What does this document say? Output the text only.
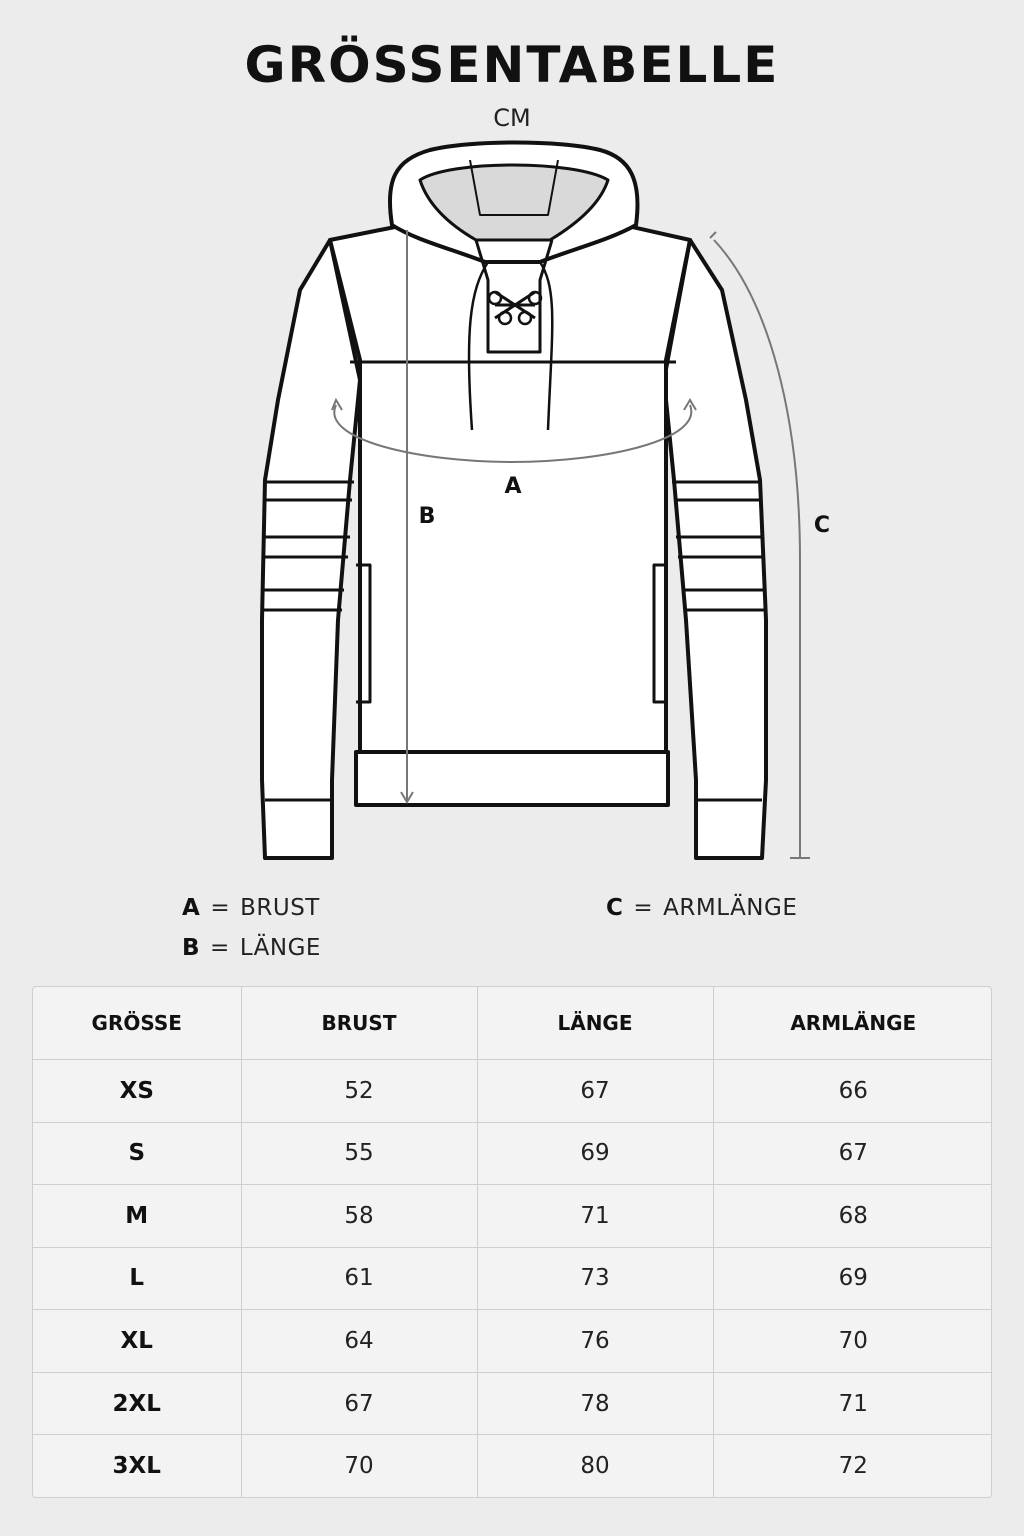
GRÖSSENTABELLE
CM
A
B	C
A = BRUST
B = LÄNGE
C = ARMLÄNGE
GRÖSSE	BRUST	LÄNGE	ARMLÄNGE
XS	52	67	66
S	55	69	67
M	58	71	68
L	61	73	69
XL	64	76	70
2XL	67	78	71
3XL	70	80	72
